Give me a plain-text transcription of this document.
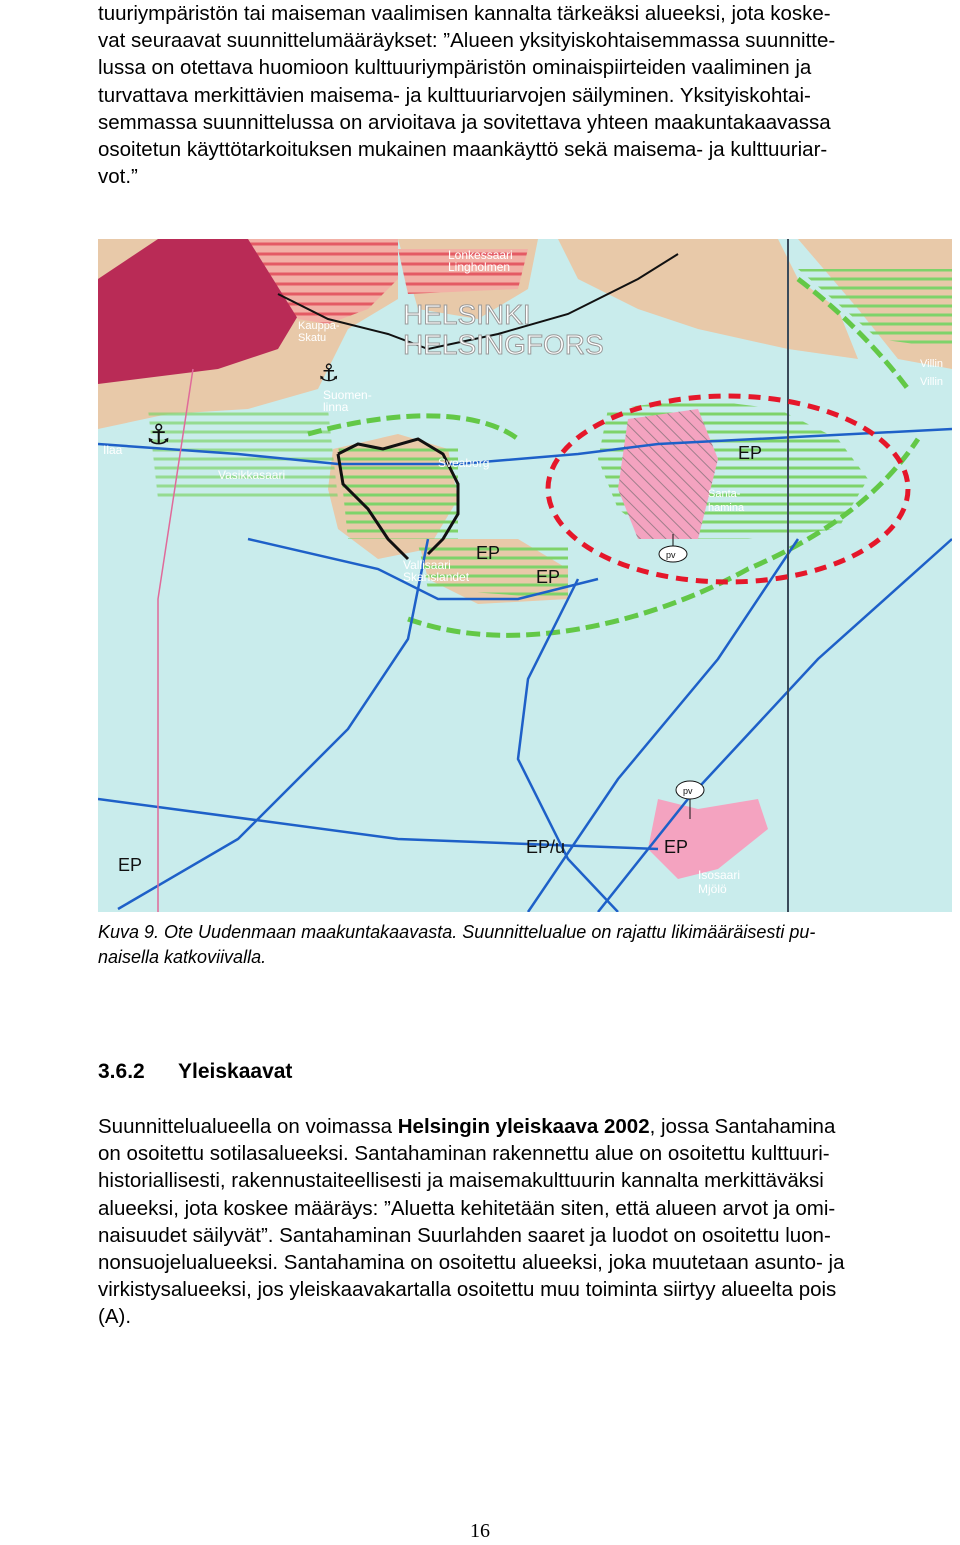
tuuriympäristön tai maiseman vaalimisen kannalta tärkeäksi alueeksi, jota koske-
vat seuraavat suunnittelumääräykset: ”Alueen yksityiskohtaisemmassa suunnitte-
lussa on otettava huomioon kulttuuriympäristön ominaispiirteiden vaaliminen ja
turvattava merkittävien maisema- ja kulttuuriarvojen säilyminen. Yksityiskohtai-
semmassa suunnittelussa on arvioitava ja sovitettava yhteen maakuntakaavassa
osoitetun käyttötarkoituksen mukainen maankäyttö sekä maisema- ja kulttuuriar-
vot.”
HELSINKI
HELSINGFORS
Lonkessaari
Lingholmen
Kauppa-
Skatu
Suomen-
linna
Sveaborg
Ilaa
Vasikkasaari
Vallisaari
Skanslandet
Villin
Villin
Santa-
hamina
Isosaari
Mjölö
EP
EP
EP
EP
EP/u	EP
pv
pv
⚓
⚓
Kuva 9. Ote Uudenmaan maakuntakaavasta. Suunnittelualue on rajattu likimääräisesti pu-
naisella katkoviivalla.
3.6.2 Yleiskaavat
Suunnittelualueella on voimassa Helsingin yleiskaava 2002, jossa Santahamina
on osoitettu sotilasalueeksi. Santahaminan rakennettu alue on osoitettu kulttuuri-
historiallisesti, rakennustaiteellisesti ja maisemakulttuurin kannalta merkittäväksi
alueeksi, jota koskee määräys: ”Aluetta kehitetään siten, että alueen arvot ja omi-
naisuudet säilyvät”. Santahaminan Suurlahden saaret ja luodot on osoitettu luon-
nonsuojelualueeksi. Santahamina on osoitettu alueeksi, joka muutetaan asunto- ja
virkistysalueeksi, jos yleiskaavakartalla osoitettu muu toiminta siirtyy alueelta pois
(A).
16
